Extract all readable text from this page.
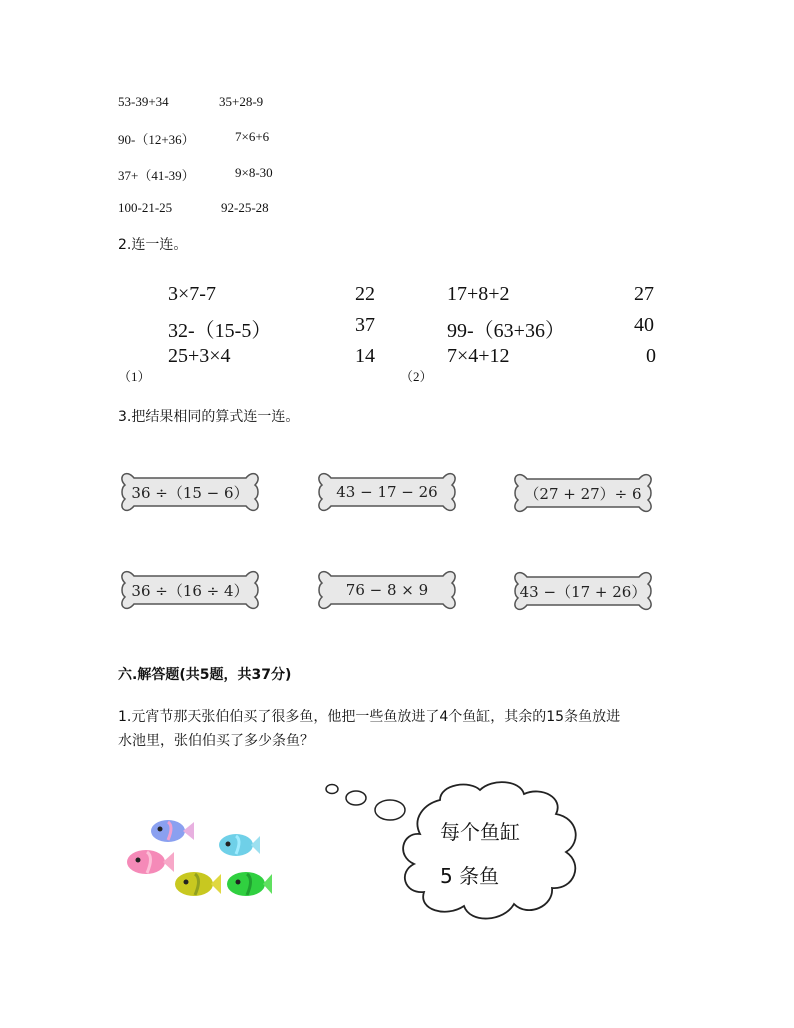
53-39+34	35+28-9
90-（12+36）	7×6+6
37+（41-39）	9×8-30
100-21-25	92-25-28
2.连一连。
3×7-7
32-（15-5）
25+3×4
22
37
14
（1）
17+8+2
99-（63+36）
7×4+12
27
40
0
（2）
3.把结果相同的算式连一连。
36 ÷（15 − 6）	43 − 17 − 26	（27 + 27）÷ 6
36 ÷（16 ÷ 4）	76 − 8 × 9	43 −（17 + 26）
六.解答题(共5题，共37分)
1.元宵节那天张伯伯买了很多鱼，他把一些鱼放进了4个鱼缸，其余的15条鱼放进
水池里，张伯伯买了多少条鱼？
每个鱼缸
5 条鱼
